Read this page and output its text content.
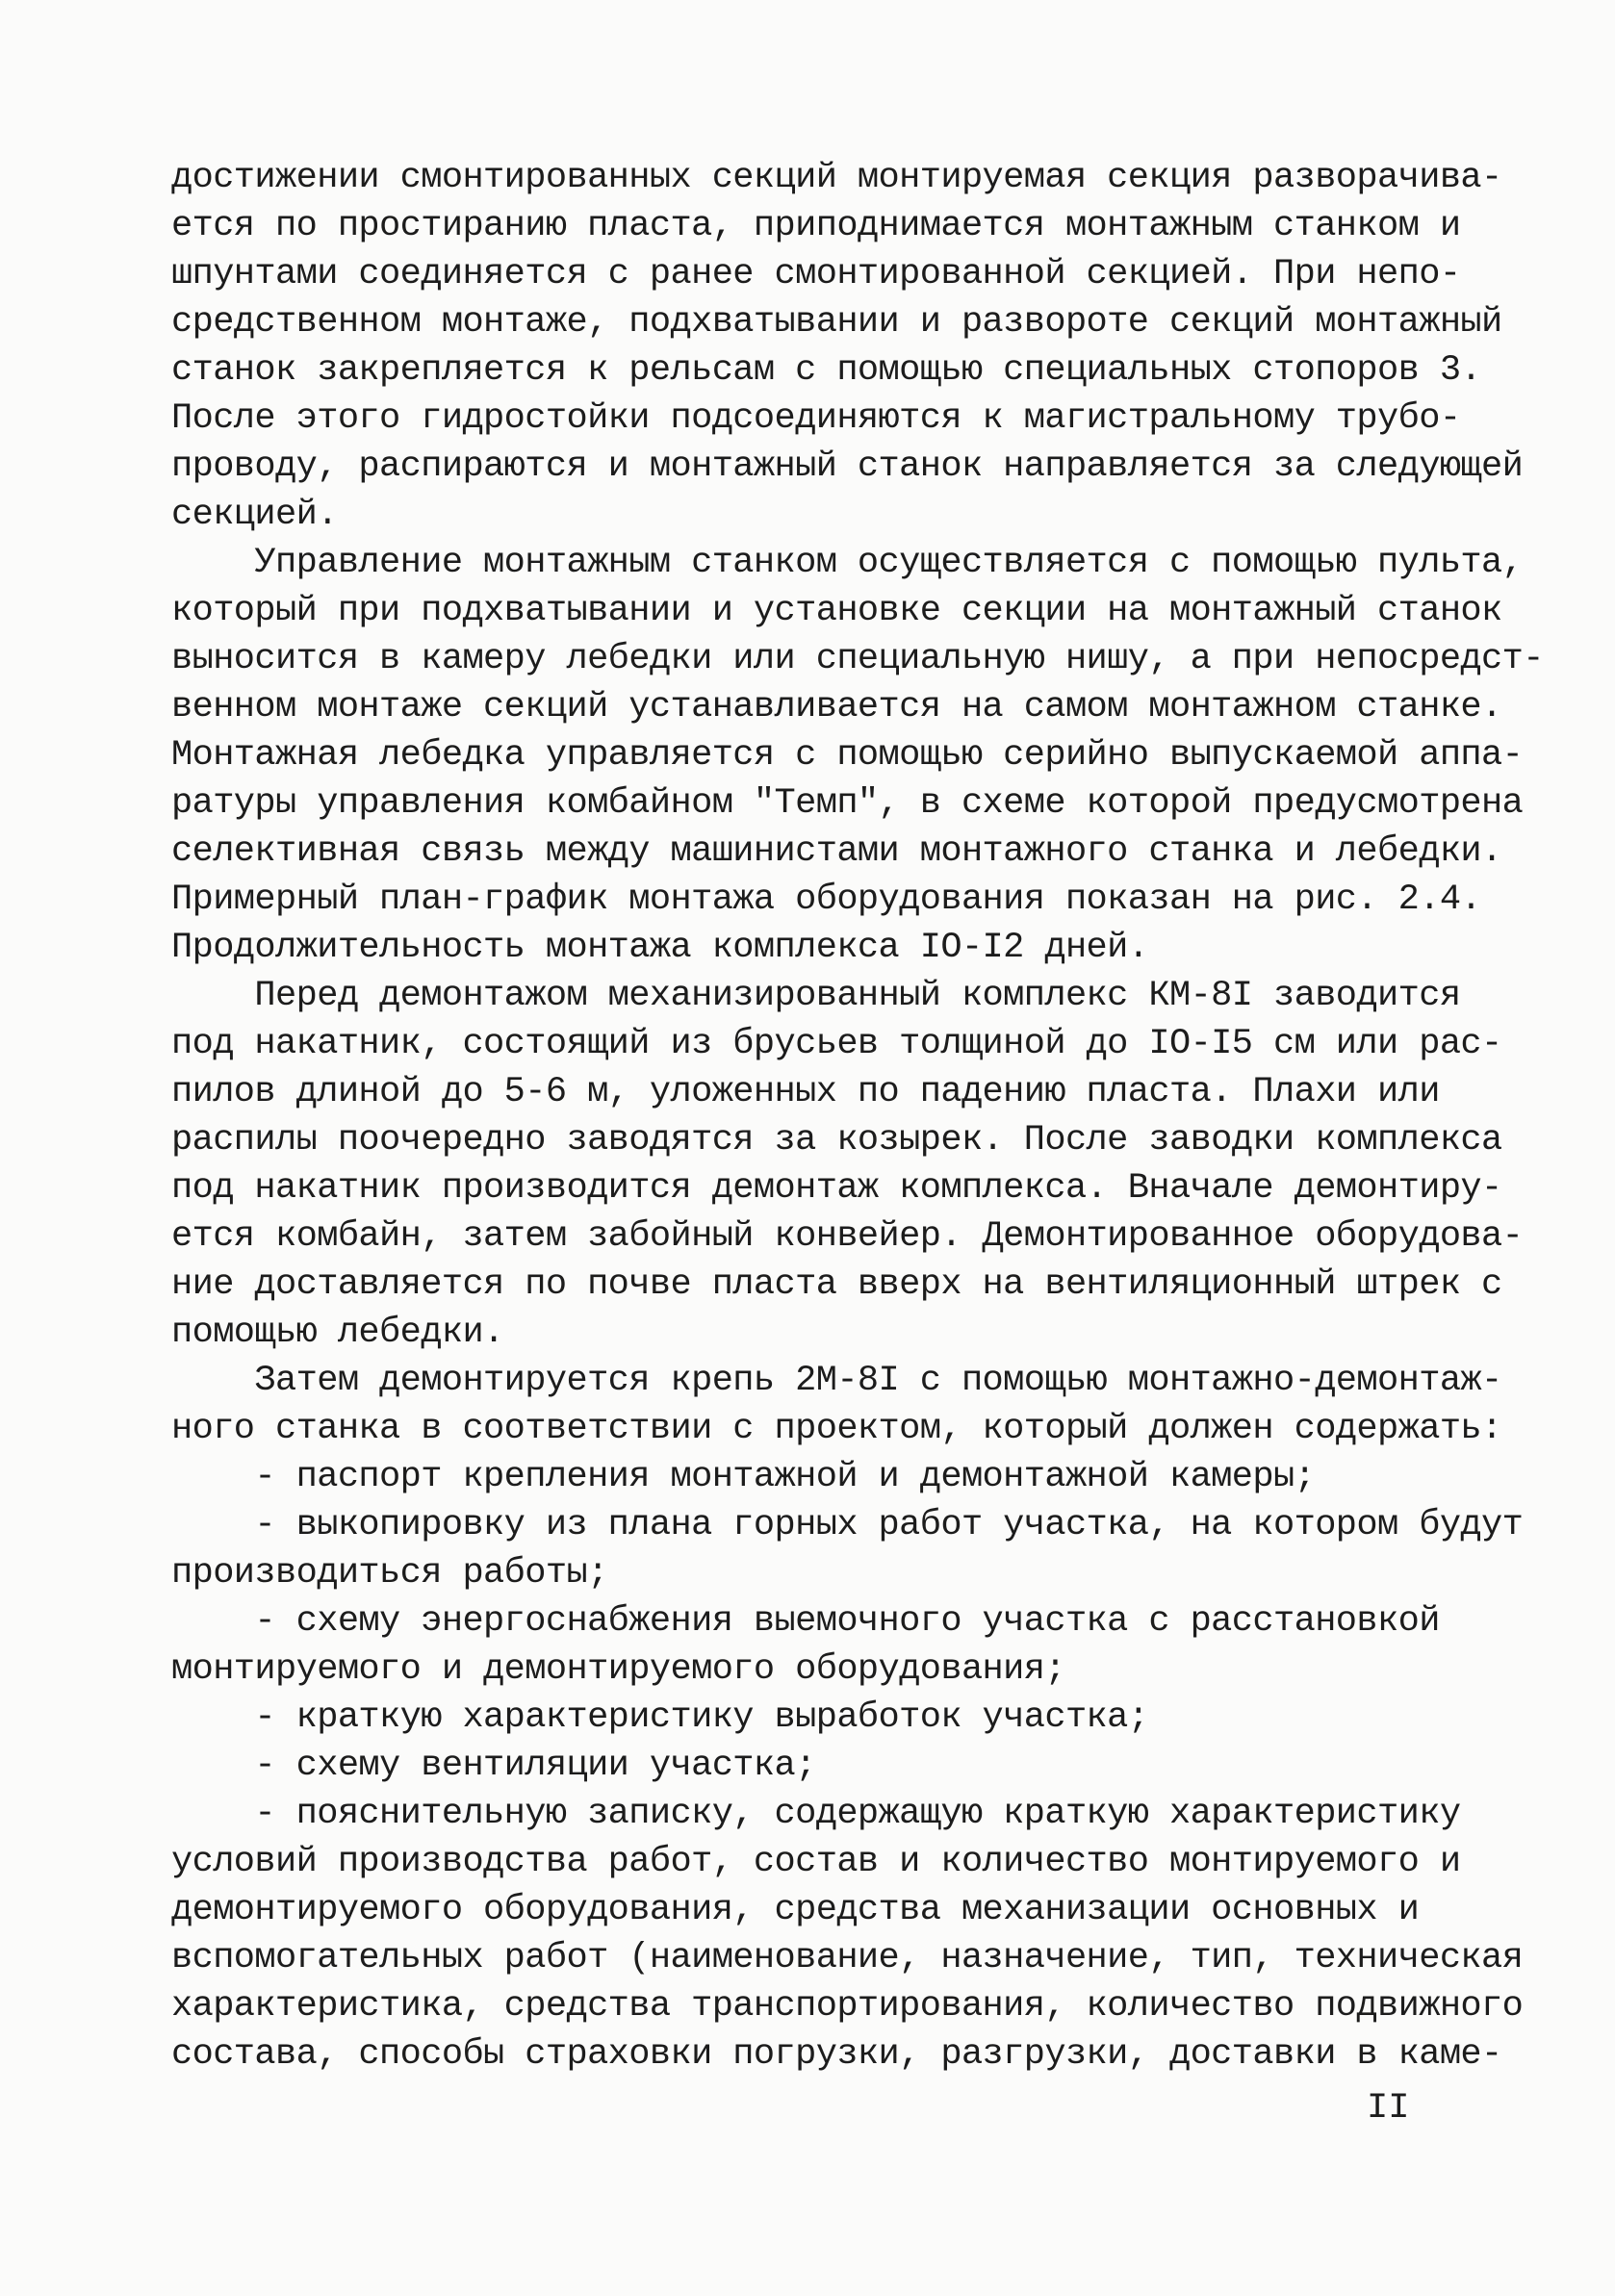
достижении смонтированных секций монтируемая секция разворачива-
ется по простиранию пласта, приподнимается монтажным станком и
шпунтами соединяется с ранее смонтированной секцией. При непо-
средственном монтаже, подхватывании и развороте секций монтажный
станок закрепляется к рельсам с помощью специальных стопоров 3.
После этого гидростойки подсоединяются к магистральному трубо-
проводу, распираются и монтажный станок направляется за следующей
секцией.
Управление монтажным станком осуществляется с помощью пульта,
который при подхватывании и установке секции на монтажный станок
выносится в камеру лебедки или специальную нишу, а при непосредст-
венном монтаже секций устанавливается на самом монтажном станке.
Монтажная лебедка управляется с помощью серийно выпускаемой аппа-
ратуры управления комбайном "Темп", в схеме которой предусмотрена
селективная связь между машинистами монтажного станка и лебедки.
Примерный план-график монтажа оборудования показан на рис. 2.4.
Продолжительность монтажа комплекса IO-I2 дней.
Перед демонтажом механизированный комплекс КМ-8I заводится
под накатник, состоящий из брусьев толщиной до IO-I5 см или рас-
пилов длиной до 5-6 м, уложенных по падению пласта. Плахи или
распилы поочередно заводятся за козырек. После заводки комплекса
под накатник производится демонтаж комплекса. Вначале демонтиру-
ется комбайн, затем забойный конвейер. Демонтированное оборудова-
ние доставляется по почве пласта вверх на вентиляционный штрек с
помощью лебедки.
Затем демонтируется крепь 2М-8I с помощью монтажно-демонтаж-
ного станка в соответствии с проектом, который должен содержать:
- паспорт крепления монтажной и демонтажной камеры;
- выкопировку из плана горных работ участка, на котором будут
производиться работы;
- схему энергоснабжения выемочного участка с расстановкой
монтируемого и демонтируемого оборудования;
- краткую характеристику выработок участка;
- схему вентиляции участка;
- пояснительную записку, содержащую краткую характеристику
условий производства работ, состав и количество монтируемого и
демонтируемого оборудования, средства механизации основных и
вспомогательных работ (наименование, назначение, тип, техническая
характеристика, средства транспортирования, количество подвижного
состава, способы страховки погрузки, разгрузки, доставки в каме-
II
